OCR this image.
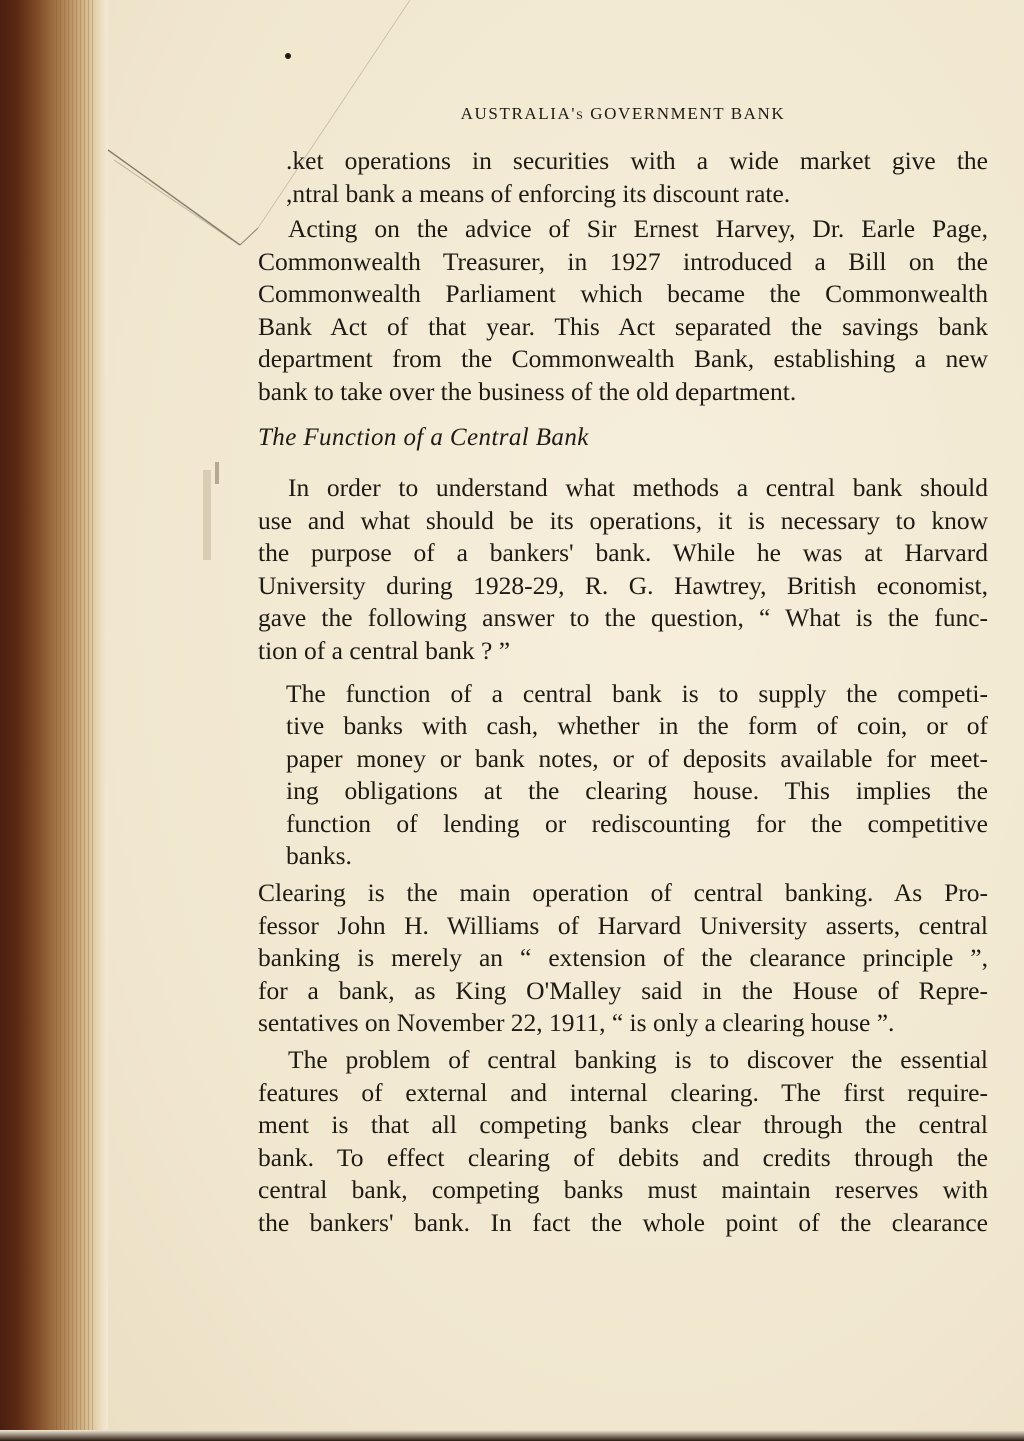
AUSTRALIA's GOVERNMENT BANK
.ket operations in securities with a wide market give the
,ntral bank a means of enforcing its discount rate.
Acting on the advice of Sir Ernest Harvey, Dr. Earle Page,
Commonwealth Treasurer, in 1927 introduced a Bill on the
Commonwealth Parliament which became the Commonwealth
Bank Act of that year. This Act separated the savings bank
department from the Commonwealth Bank, establishing a new
bank to take over the business of the old department.
The Function of a Central Bank
In order to understand what methods a central bank should
use and what should be its operations, it is necessary to know
the purpose of a bankers' bank. While he was at Harvard
University during 1928-29, R. G. Hawtrey, British economist,
gave the following answer to the question, “ What is the func-
tion of a central bank ? ”
The function of a central bank is to supply the competi-
tive banks with cash, whether in the form of coin, or of
paper money or bank notes, or of deposits available for meet-
ing obligations at the clearing house. This implies the
function of lending or rediscounting for the competitive
banks.
Clearing is the main operation of central banking. As Pro-
fessor John H. Williams of Harvard University asserts, central
banking is merely an “ extension of the clearance principle ”,
for a bank, as King O'Malley said in the House of Repre-
sentatives on November 22, 1911, “ is only a clearing house ”.
The problem of central banking is to discover the essential
features of external and internal clearing. The first require-
ment is that all competing banks clear through the central
bank. To effect clearing of debits and credits through the
central bank, competing banks must maintain reserves with
the bankers' bank. In fact the whole point of the clearance
